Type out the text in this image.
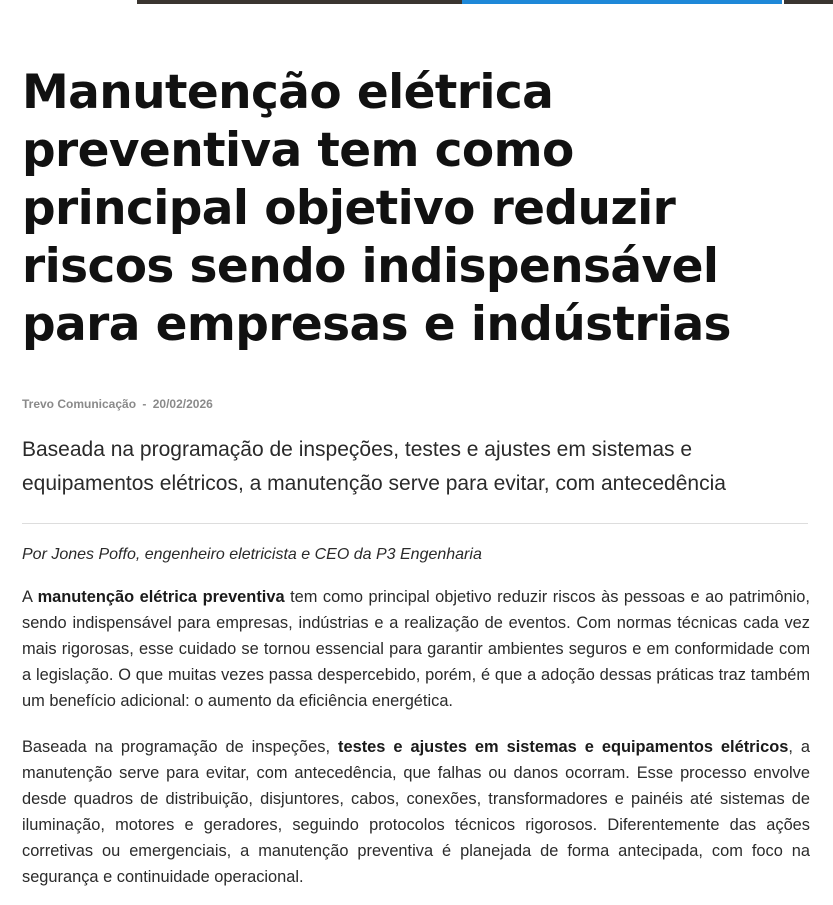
Manutenção elétrica preventiva tem como principal objetivo reduzir riscos sendo indispensável para empresas e indústrias
Trevo Comunicação - 20/02/2026

Baseada na programação de inspeções, testes e ajustes em sistemas e equipamentos elétricos, a manutenção serve para evitar, com antecedência

Por Jones Poffo, engenheiro eletricista e CEO da P3 Engenharia

A manutenção elétrica preventiva tem como principal objetivo reduzir riscos às pessoas e ao patrimônio, sendo indispensável para empresas, indústrias e a realização de eventos. Com normas técnicas cada vez mais rigorosas, esse cuidado se tornou essencial para garantir ambientes seguros e em conformidade com a legislação. O que muitas vezes passa despercebido, porém, é que a adoção dessas práticas traz também um benefício adicional: o aumento da eficiência energética.

Baseada na programação de inspeções, testes e ajustes em sistemas e equipamentos elétricos, a manutenção serve para evitar, com antecedência, que falhas ou danos ocorram. Esse processo envolve desde quadros de distribuição, disjuntores, cabos, conexões, transformadores e painéis até sistemas de iluminação, motores e geradores, seguindo protocolos técnicos rigorosos. Diferentemente das ações corretivas ou emergenciais, a manutenção preventiva é planejada de forma antecipada, com foco na segurança e continuidade operacional.
